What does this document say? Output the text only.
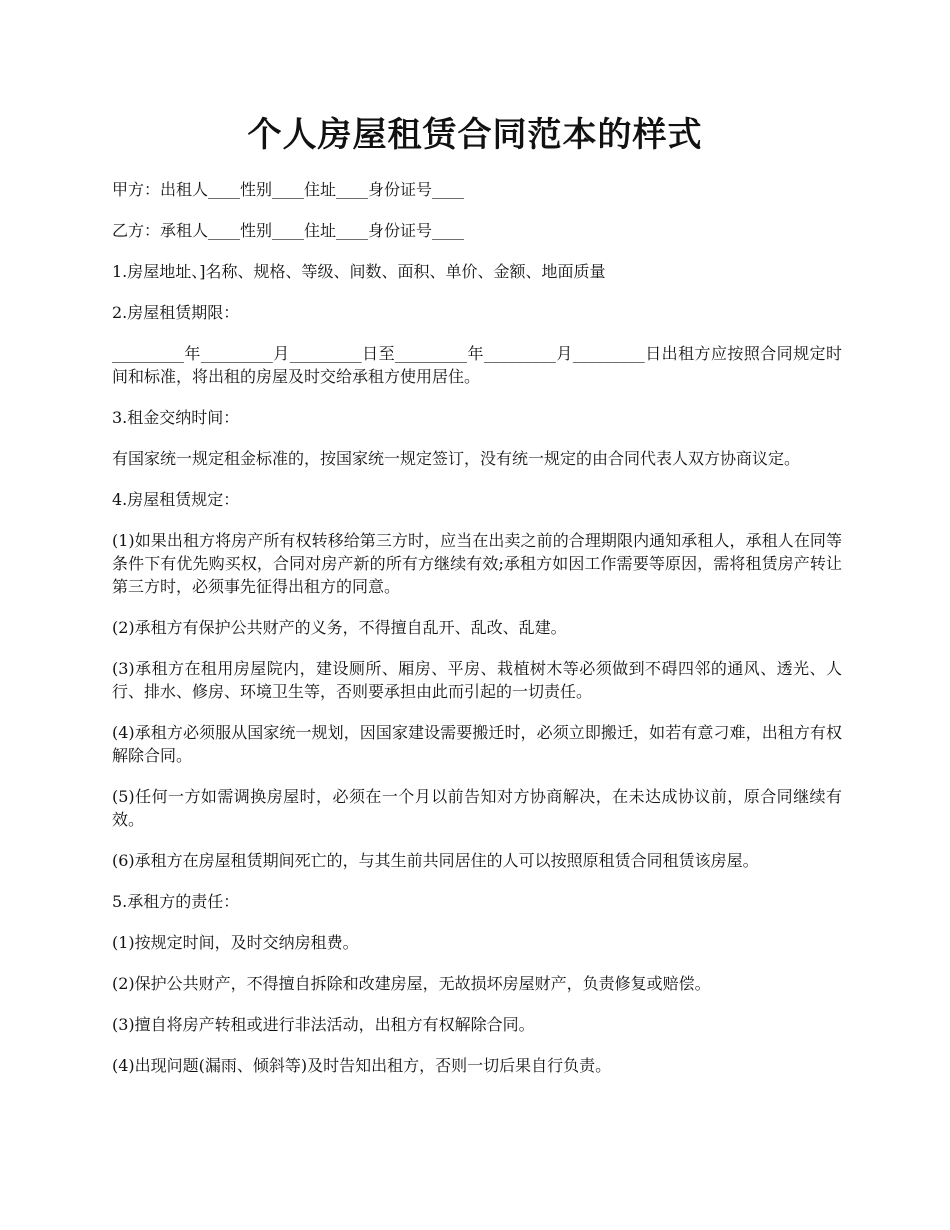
个人房屋租赁合同范本的样式

甲方：出租人____性别____住址____身份证号____

乙方：承租人____性别____住址____身份证号____

1.房屋地址、]名称、规格、等级、间数、面积、单价、金额、地面质量

2.房屋租赁期限：

_________年_________月_________日至_________年_________月_________日出租方应按照合同规定时间和标准，将出租的房屋及时交给承租方使用居住。

3.租金交纳时间：

有国家统一规定租金标准的，按国家统一规定签订，没有统一规定的由合同代表人双方协商议定。

4.房屋租赁规定：

(1)如果出租方将房产所有权转移给第三方时，应当在出卖之前的合理期限内通知承租人，承租人在同等条件下有优先购买权，合同对房产新的所有方继续有效;承租方如因工作需要等原因，需将租赁房产转让第三方时，必须事先征得出租方的同意。

(2)承租方有保护公共财产的义务，不得擅自乱开、乱改、乱建。

(3)承租方在租用房屋院内，建设厕所、厢房、平房、栽植树木等必须做到不碍四邻的通风、透光、人行、排水、修房、环境卫生等，否则要承担由此而引起的一切责任。

(4)承租方必须服从国家统一规划，因国家建设需要搬迁时，必须立即搬迁，如若有意刁难，出租方有权解除合同。

(5)任何一方如需调换房屋时，必须在一个月以前告知对方协商解决，在未达成协议前，原合同继续有效。

(6)承租方在房屋租赁期间死亡的，与其生前共同居住的人可以按照原租赁合同租赁该房屋。

5.承租方的责任：

(1)按规定时间，及时交纳房租费。

(2)保护公共财产，不得擅自拆除和改建房屋，无故损坏房屋财产，负责修复或赔偿。

(3)擅自将房产转租或进行非法活动，出租方有权解除合同。

(4)出现问题(漏雨、倾斜等)及时告知出租方，否则一切后果自行负责。
